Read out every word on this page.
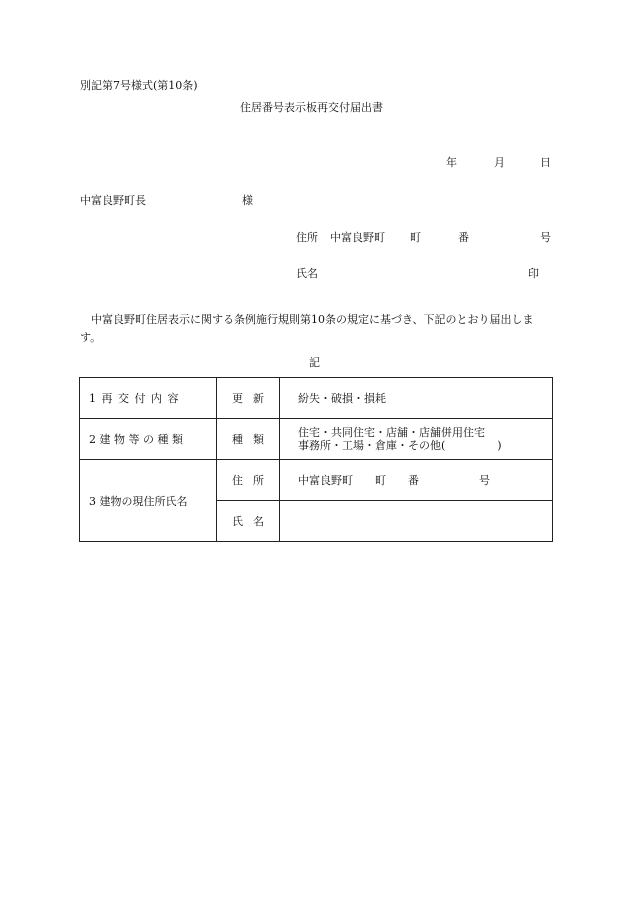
別記第7号様式(第10条)
住居番号表示板再交付届出書
年	月	日
中富良野町長	様
住所 中富良野町 町	番	号
氏名	印
中富良野町住居表示に関する条例施行規則第10条の規定に基づき、下記のとおり届出します。
記
1 再 交 付 内 容	更新	紛失・破損・損耗
2 建 物 等 の 種 類	種類	住宅・共同住宅・店舗・店舗併用住宅
事務所・工場・倉庫・その他( )

3 建物の現住所氏名	住所	中富良野町 町 番 号
	氏名	
